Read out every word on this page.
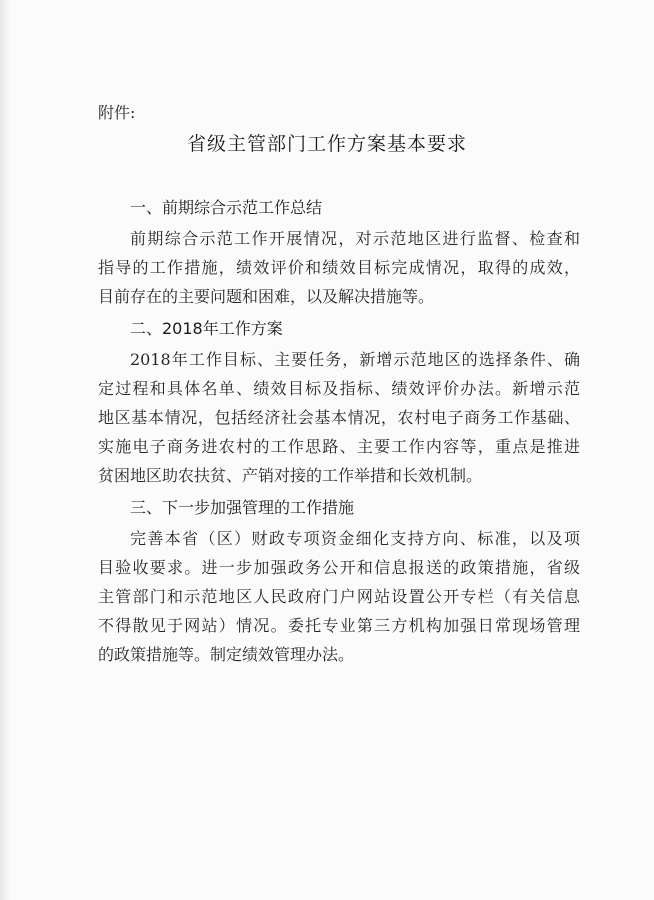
附件:
省级主管部门工作方案基本要求
一、前期综合示范工作总结
前期综合示范工作开展情况，对示范地区进行监督、检查和
指导的工作措施，绩效评价和绩效目标完成情况，取得的成效，
目前存在的主要问题和困难，以及解决措施等。
二、2018年工作方案
2018年工作目标、主要任务，新增示范地区的选择条件、确
定过程和具体名单、绩效目标及指标、绩效评价办法。新增示范
地区基本情况，包括经济社会基本情况，农村电子商务工作基础、
实施电子商务进农村的工作思路、主要工作内容等，重点是推进
贫困地区助农扶贫、产销对接的工作举措和长效机制。
三、下一步加强管理的工作措施
完善本省（区）财政专项资金细化支持方向、标准，以及项
目验收要求。进一步加强政务公开和信息报送的政策措施，省级
主管部门和示范地区人民政府门户网站设置公开专栏（有关信息
不得散见于网站）情况。委托专业第三方机构加强日常现场管理
的政策措施等。制定绩效管理办法。
